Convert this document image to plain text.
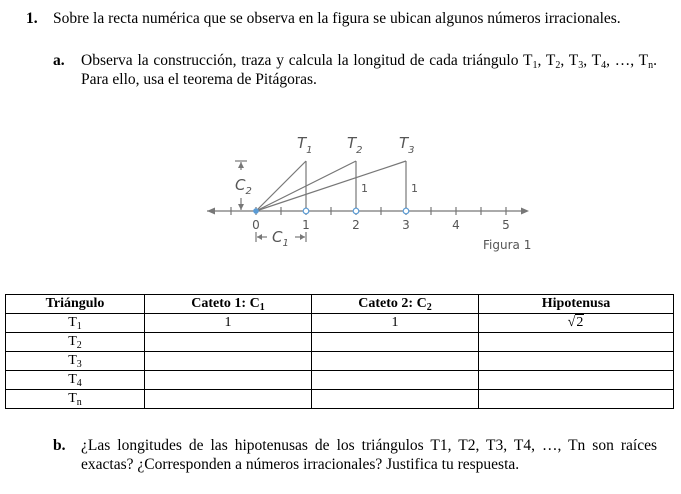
1. Sobre la recta numérica que se observa en la figura se ubican algunos números irracionales.
a. Observa la construcción, traza y calcula la longitud de cada triángulo $T_1$, $T_2$, $T_3$, $T_4$, …, $T_n$. Para ello, usa el teorema de Pitágoras.
0	1	2	3	4	5
1	1
Figura 1
$T_1$ $T_2$ $T_3$
$C_2$
$C_1$
Triángulo	Cateto 1: $C_1$	Cateto 2: $C_2$	Hipotenusa
$T_1$	1	1	√2
$T_2$			
$T_3$			
$T_4$			
$T_n$			
b. ¿Las longitudes de las hipotenusas de los triángulos T1, T2, T3, T4, …, Tn son raíces exactas? ¿Corresponden a números irracionales? Justifica tu respuesta.
